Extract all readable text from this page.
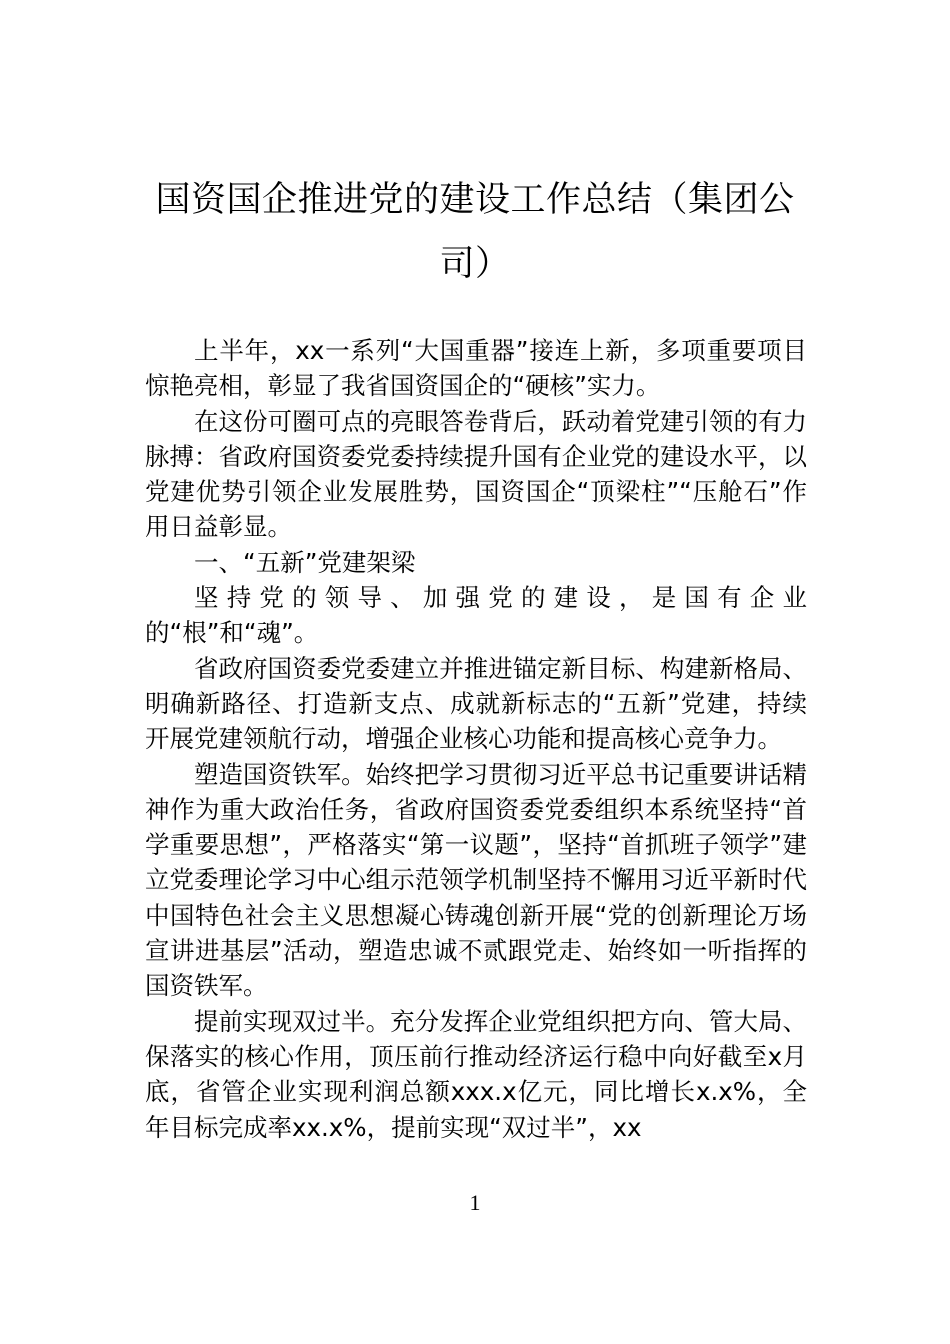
国资国企推进党的建设工作总结（集团公
司）

上半年，xx一系列“大国重器”接连上新，多项重要项目惊艳亮相，彰显了我省国资国企的“硬核”实力。

在这份可圈可点的亮眼答卷背后，跃动着党建引领的有力脉搏：省政府国资委党委持续提升国有企业党的建设水平，以党建优势引领企业发展胜势，国资国企“顶梁柱”“压舱石”作用日益彰显。

一、“五新”党建架梁

坚持党的领导、加强党的建设，是国有企业的“根”和“魂”。

省政府国资委党委建立并推进锚定新目标、构建新格局、明确新路径、打造新支点、成就新标志的“五新”党建，持续开展党建领航行动，增强企业核心功能和提高核心竞争力。

塑造国资铁军。始终把学习贯彻习近平总书记重要讲话精神作为重大政治任务，省政府国资委党委组织本系统坚持“首学重要思想”，严格落实“第一议题”，坚持“首抓班子领学”建立党委理论学习中心组示范领学机制坚持不懈用习近平新时代中国特色社会主义思想凝心铸魂创新开展“党的创新理论万场宣讲进基层”活动，塑造忠诚不贰跟党走、始终如一听指挥的国资铁军。

提前实现双过半。充分发挥企业党组织把方向、管大局、保落实的核心作用，顶压前行推动经济运行稳中向好截至x月底，省管企业实现利润总额xxx.x亿元，同比增长x.x%，全年目标完成率xx.x%，提前实现“双过半”，xx

1
